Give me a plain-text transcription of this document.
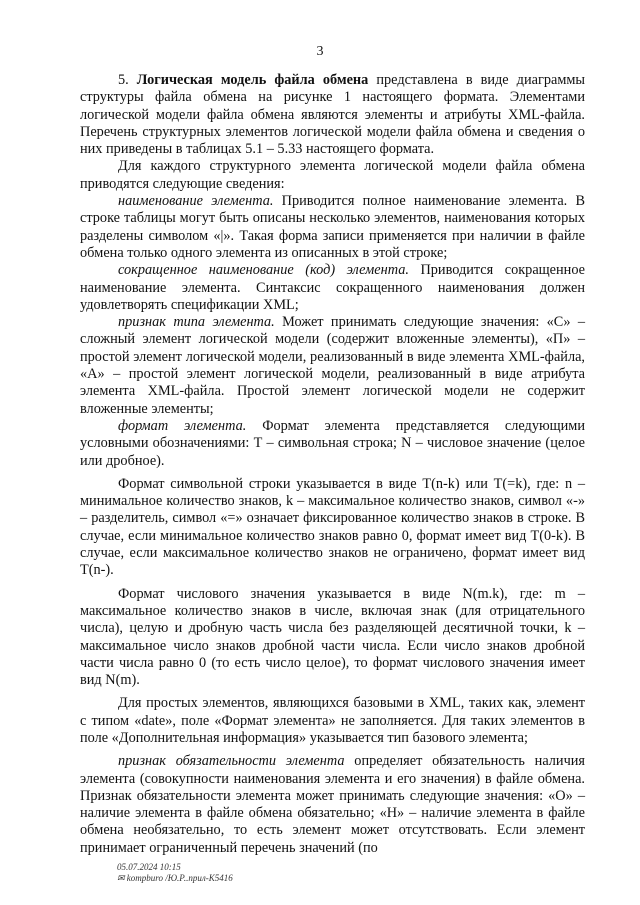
3

5. Логическая модель файла обмена представлена в виде диаграммы структуры файла обмена на рисунке 1 настоящего формата. Элементами логической модели файла обмена являются элементы и атрибуты XML-файла. Перечень структурных элементов логической модели файла обмена и сведения о них приведены в таблицах 5.1 – 5.33 настоящего формата.

Для каждого структурного элемента логической модели файла обмена приводятся следующие сведения:

наименование элемента. Приводится полное наименование элемента. В строке таблицы могут быть описаны несколько элементов, наименования которых разделены символом «|». Такая форма записи применяется при наличии в файле обмена только одного элемента из описанных в этой строке;

сокращенное наименование (код) элемента. Приводится сокращенное наименование элемента. Синтаксис сокращенного наименования должен удовлетворять спецификации XML;

признак типа элемента. Может принимать следующие значения: «С» – сложный элемент логической модели (содержит вложенные элементы), «П» – простой элемент логической модели, реализованный в виде элемента XML-файла, «А» – простой элемент логической модели, реализованный в виде атрибута элемента XML-файла. Простой элемент логической модели не содержит вложенные элементы;

формат элемента. Формат элемента представляется следующими условными обозначениями: Т – символьная строка; N – числовое значение (целое или дробное).

Формат символьной строки указывается в виде Т(n-k) или Т(=k), где: n – минимальное количество знаков, k – максимальное количество знаков, символ «-» – разделитель, символ «=» означает фиксированное количество знаков в строке. В случае, если минимальное количество знаков равно 0, формат имеет вид Т(0-k). В случае, если максимальное количество знаков не ограничено, формат имеет вид Т(n-).

Формат числового значения указывается в виде N(m.k), где: m – максимальное количество знаков в числе, включая знак (для отрицательного числа), целую и дробную часть числа без разделяющей десятичной точки, k – максимальное число знаков дробной части числа. Если число знаков дробной части числа равно 0 (то есть число целое), то формат числового значения имеет вид N(m).

Для простых элементов, являющихся базовыми в XML, таких как, элемент с типом «date», поле «Формат элемента» не заполняется. Для таких элементов в поле «Дополнительная информация» указывается тип базового элемента;

признак обязательности элемента определяет обязательность наличия элемента (совокупности наименования элемента и его значения) в файле обмена. Признак обязательности элемента может принимать следующие значения: «О» – наличие элемента в файле обмена обязательно; «Н» – наличие элемента в файле обмена необязательно, то есть элемент может отсутствовать. Если элемент принимает ограниченный перечень значений (по

05.07.2024 10:15
✉ kompburo /Ю.Р..прил-К5416
